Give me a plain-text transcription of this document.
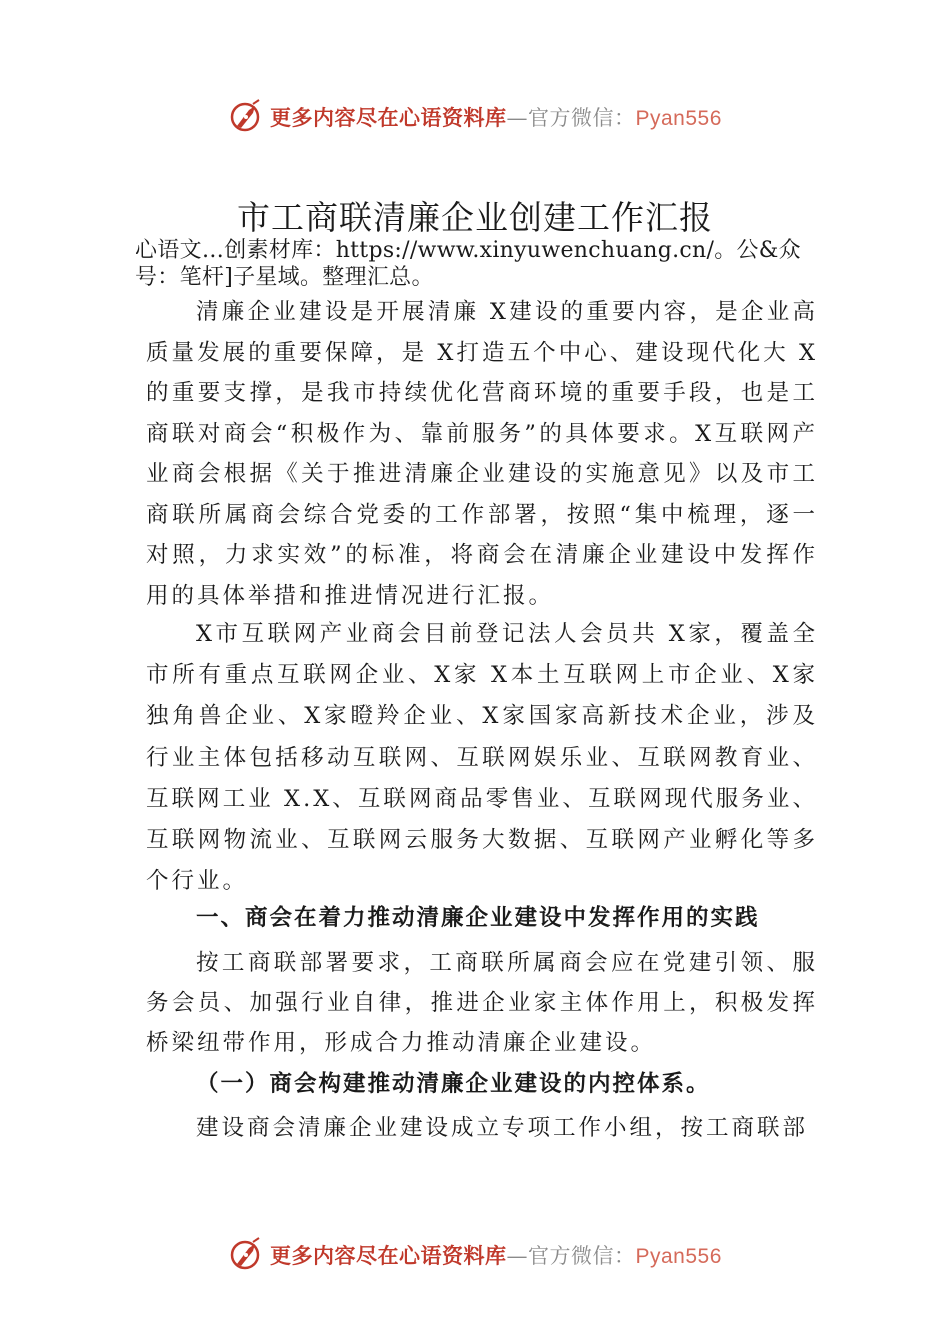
更多内容尽在心语资料库—官方微信：Pyan556
市工商联清廉企业创建工作汇报
心语文…创素材库：https://www.xinyuwenchuang.cn/。公&众号：笔杆]子星域。整理汇总。
清廉企业建设是开展清廉 X建设的重要内容，是企业高质量发展的重要保障，是 X打造五个中心、建设现代化大 X的重要支撑，是我市持续优化营商环境的重要手段，也是工商联对商会“积极作为、靠前服务”的具体要求。X互联网产业商会根据《关于推进清廉企业建设的实施意见》以及市工商联所属商会综合党委的工作部署，按照“集中梳理，逐一对照，力求实效”的标准，将商会在清廉企业建设中发挥作用的具体举措和推进情况进行汇报。
X市互联网产业商会目前登记法人会员共 X家，覆盖全市所有重点互联网企业、X家 X本土互联网上市企业、X家独角兽企业、X家瞪羚企业、X家国家高新技术企业，涉及行业主体包括移动互联网、互联网娱乐业、互联网教育业、 互联网工业 X.X、互联网商品零售业、互联网现代服务业、互联网物流业、互联网云服务大数据、互联网产业孵化等多个行业。
一、商会在着力推动清廉企业建设中发挥作用的实践
按工商联部署要求，工商联所属商会应在党建引领、服务会员、加强行业自律，推进企业家主体作用上，积极发挥桥梁纽带作用，形成合力推动清廉企业建设。
（一）商会构建推动清廉企业建设的内控体系。
建设商会清廉企业建设成立专项工作小组，按工商联部
更多内容尽在心语资料库—官方微信：Pyan556
